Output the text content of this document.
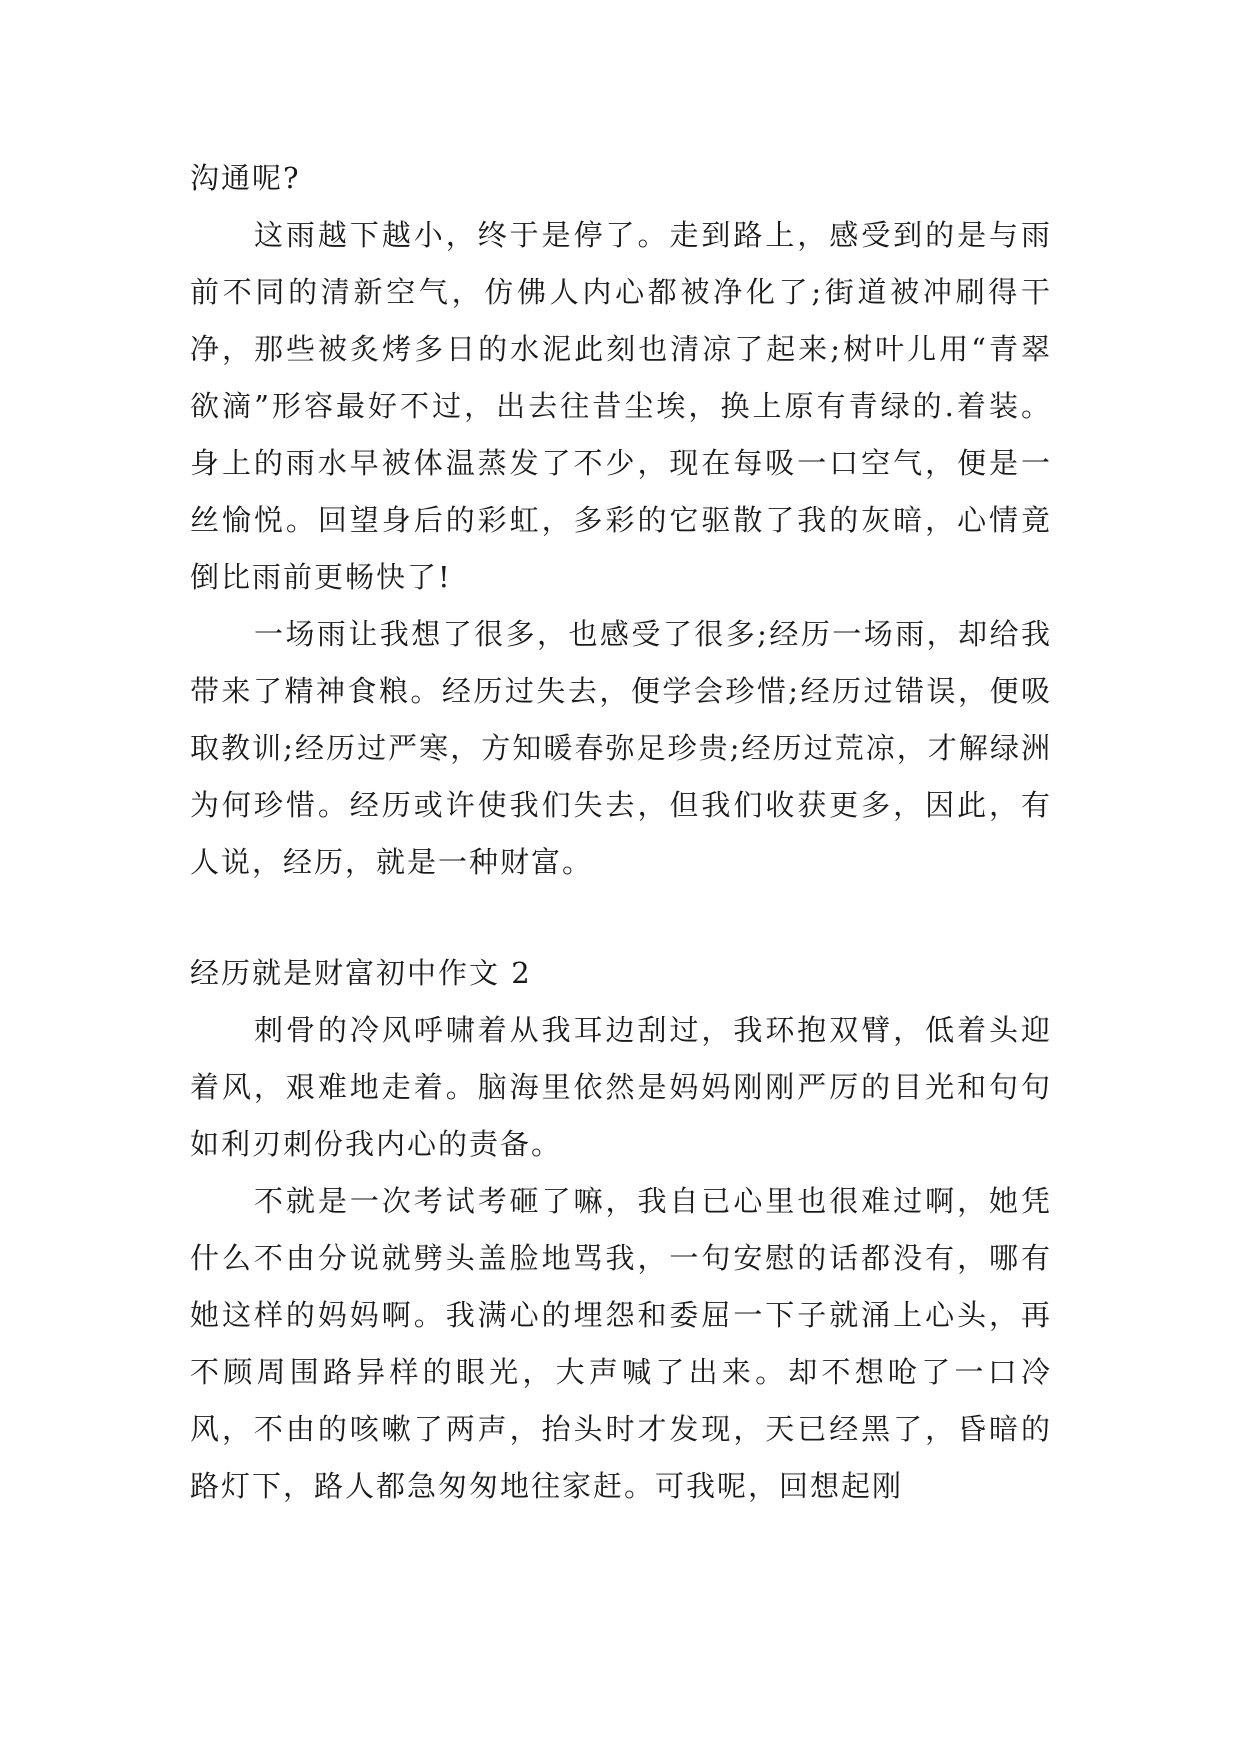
沟通呢?

这雨越下越小，终于是停了。走到路上，感受到的是与雨前不同的清新空气，仿佛人内心都被净化了;街道被冲刷得干净，那些被炙烤多日的水泥此刻也清凉了起来;树叶儿用“青翠欲滴”形容最好不过，出去往昔尘埃，换上原有青绿的.着装。身上的雨水早被体温蒸发了不少，现在每吸一口空气，便是一丝愉悦。回望身后的彩虹，多彩的它驱散了我的灰暗，心情竟倒比雨前更畅快了!

一场雨让我想了很多，也感受了很多;经历一场雨，却给我带来了精神食粮。经历过失去，便学会珍惜;经历过错误，便吸取教训;经历过严寒，方知暖春弥足珍贵;经历过荒凉，才解绿洲为何珍惜。经历或许使我们失去，但我们收获更多，因此，有人说，经历，就是一种财富。

经历就是财富初中作文 2

刺骨的冷风呼啸着从我耳边刮过，我环抱双臂，低着头迎着风，艰难地走着。脑海里依然是妈妈刚刚严厉的目光和句句如利刃刺份我内心的责备。

不就是一次考试考砸了嘛，我自已心里也很难过啊，她凭什么不由分说就劈头盖脸地骂我，一句安慰的话都没有，哪有她这样的妈妈啊。我满心的埋怨和委屈一下子就涌上心头，再不顾周围路异样的眼光，大声喊了出来。却不想呛了一口冷风，不由的咳嗽了两声，抬头时才发现，天已经黑了，昏暗的路灯下，路人都急匆匆地往家赶。可我呢，回想起刚
